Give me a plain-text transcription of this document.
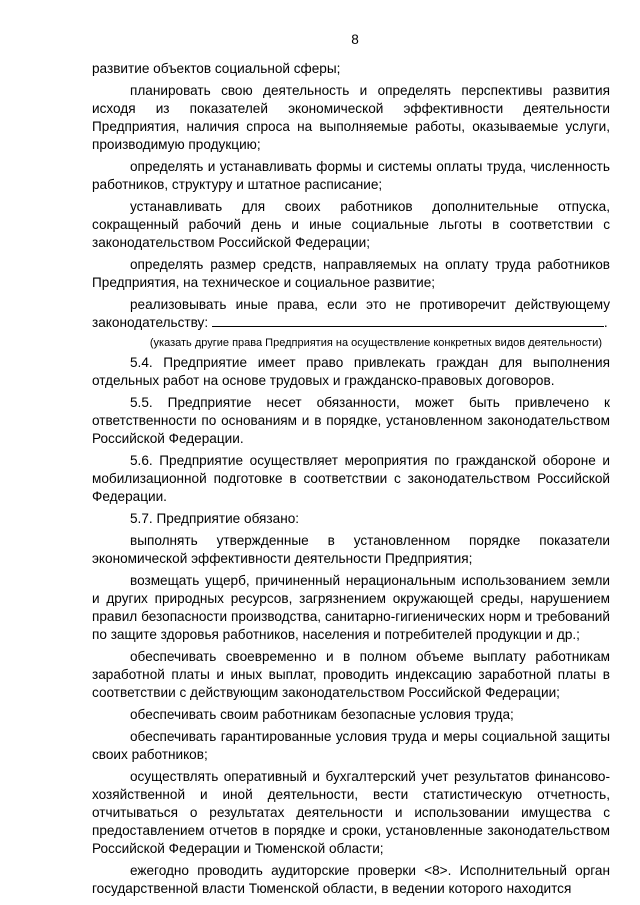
8

развитие объектов социальной сферы;

планировать свою деятельность и определять перспективы развития исходя из показателей экономической эффективности деятельности Предприятия, наличия спроса на выполняемые работы, оказываемые услуги, производимую продукцию;

определять и устанавливать формы и системы оплаты труда, численность работников, структуру и штатное расписание;

устанавливать для своих работников дополнительные отпуска, сокращенный рабочий день и иные социальные льготы в соответствии с законодательством Российской Федерации;

определять размер средств, направляемых на оплату труда работников Предприятия, на техническое и социальное развитие;

реализовывать иные права, если это не противоречит действующему законодательству:	.

(указать другие права Предприятия на осуществление конкретных видов деятельности)

5.4. Предприятие имеет право привлекать граждан для выполнения отдельных работ на основе трудовых и гражданско-правовых договоров.

5.5. Предприятие несет обязанности, может быть привлечено к ответственности по основаниям и в порядке, установленном законодательством Российской Федерации.

5.6. Предприятие осуществляет мероприятия по гражданской обороне и мобилизационной подготовке в соответствии с законодательством Российской Федерации.

5.7. Предприятие обязано:

выполнять утвержденные в установленном порядке показатели экономической эффективности деятельности Предприятия;

возмещать ущерб, причиненный нерациональным использованием земли и других природных ресурсов, загрязнением окружающей среды, нарушением правил безопасности производства, санитарно-гигиенических норм и требований по защите здоровья работников, населения и потребителей продукции и др.;

обеспечивать своевременно и в полном объеме выплату работникам заработной платы и иных выплат, проводить индексацию заработной платы в соответствии с действующим законодательством Российской Федерации;

обеспечивать своим работникам безопасные условия труда;

обеспечивать гарантированные условия труда и меры социальной защиты своих работников;

осуществлять оперативный и бухгалтерский учет результатов финансово-хозяйственной и иной деятельности, вести статистическую отчетность, отчитываться о результатах деятельности и использовании имущества с предоставлением отчетов в порядке и сроки, установленные законодательством Российской Федерации и Тюменской области;

ежегодно проводить аудиторские проверки <8>. Исполнительный орган государственной власти Тюменской области, в ведении которого находится
